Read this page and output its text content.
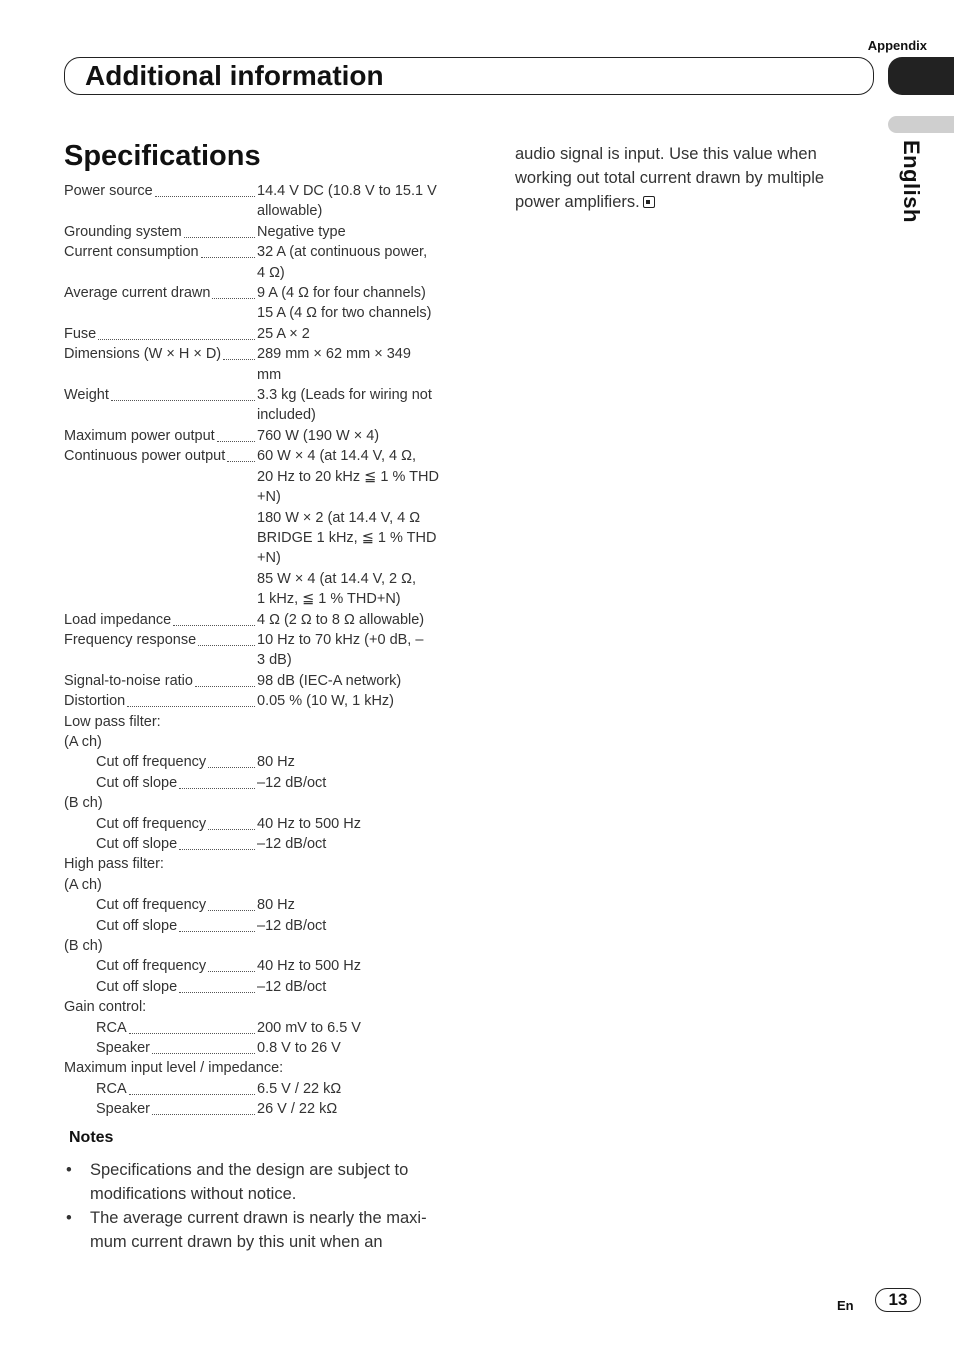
Appendix
Additional information
English
Specifications
Power source	14.4 V DC (10.8 V to 15.1 V
allowable)
Grounding system	Negative type
Current consumption	32 A (at continuous power,
4 Ω)
Average current drawn	9 A (4 Ω for four channels)
15 A (4 Ω for two channels)
Fuse	25 A × 2
Dimensions (W × H × D) 289 mm × 62 mm × 349
mm
Weight	3.3 kg (Leads for wiring not
included)
Maximum power output	760 W (190 W × 4)
Continuous power output 60 W × 4 (at 14.4 V, 4 Ω,
20 Hz to 20 kHz ≦ 1 % THD
+N)
180 W × 2 (at 14.4 V, 4 Ω
BRIDGE 1 kHz, ≦ 1 % THD
+N)
85 W × 4 (at 14.4 V, 2 Ω,
1 kHz, ≦ 1 % THD+N)
Load impedance	4 Ω (2 Ω to 8 Ω allowable)
Frequency response	10 Hz to 70 kHz (+0 dB, –
3 dB)
Signal-to-noise ratio	98 dB (IEC-A network)
Distortion	0.05 % (10 W, 1 kHz)
Low pass filter:
(A ch)
Cut off frequency	80 Hz
Cut off slope	–12 dB/oct
(B ch)
Cut off frequency	40 Hz to 500 Hz
Cut off slope	–12 dB/oct
High pass filter:
(A ch)
Cut off frequency	80 Hz
Cut off slope	–12 dB/oct
(B ch)
Cut off frequency	40 Hz to 500 Hz
Cut off slope	–12 dB/oct
Gain control:
RCA	200 mV to 6.5 V
Speaker	0.8 V to 26 V
Maximum input level / impedance:
RCA	6.5 V / 22 kΩ
Speaker	26 V / 22 kΩ
Notes
• Specifications and the design are subject to
modifications without notice.
• The average current drawn is nearly the maxi-
mum current drawn by this unit when an
audio signal is input. Use this value when
working out total current drawn by multiple
power amplifiers.
En	13
